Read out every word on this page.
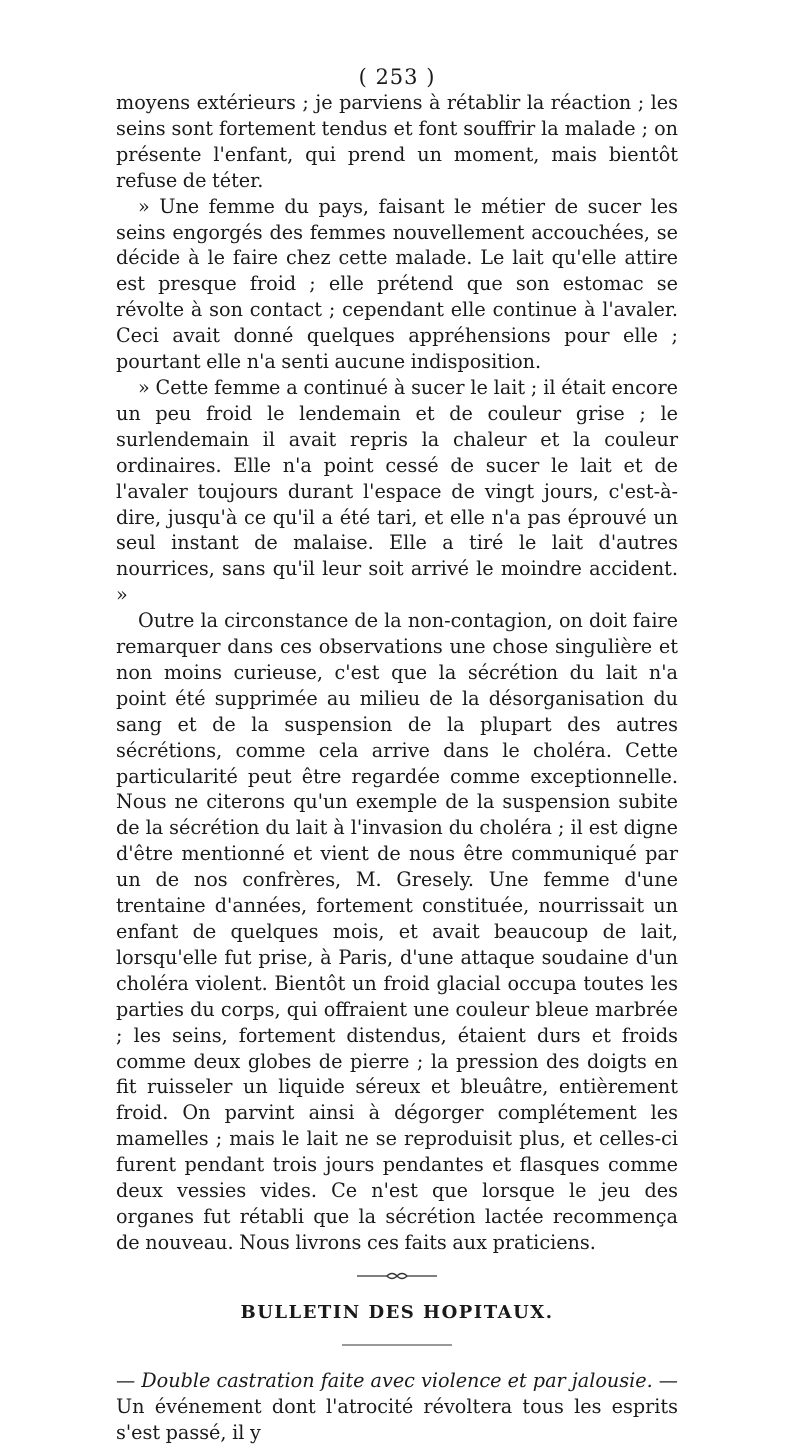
( 253 )

moyens extérieurs ; je parviens à rétablir la réaction ; les seins sont fortement tendus et font souffrir la malade ; on présente l'enfant, qui prend un moment, mais bientôt refuse de téter.

» Une femme du pays, faisant le métier de sucer les seins engorgés des femmes nouvellement accouchées, se décide à le faire chez cette malade. Le lait qu'elle attire est presque froid ; elle prétend que son estomac se révolte à son contact ; cependant elle continue à l'avaler. Ceci avait donné quelques appréhensions pour elle ; pourtant elle n'a senti aucune indisposition.

» Cette femme a continué à sucer le lait ; il était encore un peu froid le lendemain et de couleur grise ; le surlendemain il avait repris la chaleur et la couleur ordinaires. Elle n'a point cessé de sucer le lait et de l'avaler toujours durant l'espace de vingt jours, c'est-à-dire, jusqu'à ce qu'il a été tari, et elle n'a pas éprouvé un seul instant de malaise. Elle a tiré le lait d'autres nourrices, sans qu'il leur soit arrivé le moindre accident. »

Outre la circonstance de la non-contagion, on doit faire remarquer dans ces observations une chose singulière et non moins curieuse, c'est que la sécrétion du lait n'a point été supprimée au milieu de la désorganisation du sang et de la suspension de la plupart des autres sécrétions, comme cela arrive dans le choléra. Cette particularité peut être regardée comme exceptionnelle. Nous ne citerons qu'un exemple de la suspension subite de la sécrétion du lait à l'invasion du choléra ; il est digne d'être mentionné et vient de nous être communiqué par un de nos confrères, M. Gresely. Une femme d'une trentaine d'années, fortement constituée, nourrissait un enfant de quelques mois, et avait beaucoup de lait, lorsqu'elle fut prise, à Paris, d'une attaque soudaine d'un choléra violent. Bientôt un froid glacial occupa toutes les parties du corps, qui offraient une couleur bleue marbrée ; les seins, fortement distendus, étaient durs et froids comme deux globes de pierre ; la pression des doigts en fit ruisseler un liquide séreux et bleuâtre, entièrement froid. On parvint ainsi à dégorger complétement les mamelles ; mais le lait ne se reproduisit plus, et celles-ci furent pendant trois jours pendantes et flasques comme deux vessies vides. Ce n'est que lorsque le jeu des organes fut rétabli que la sécrétion lactée recommença de nouveau. Nous livrons ces faits aux praticiens.

BULLETIN DES HOPITAUX.

— Double castration faite avec violence et par jalousie. — Un événement dont l'atrocité révoltera tous les esprits s'est passé, il y
